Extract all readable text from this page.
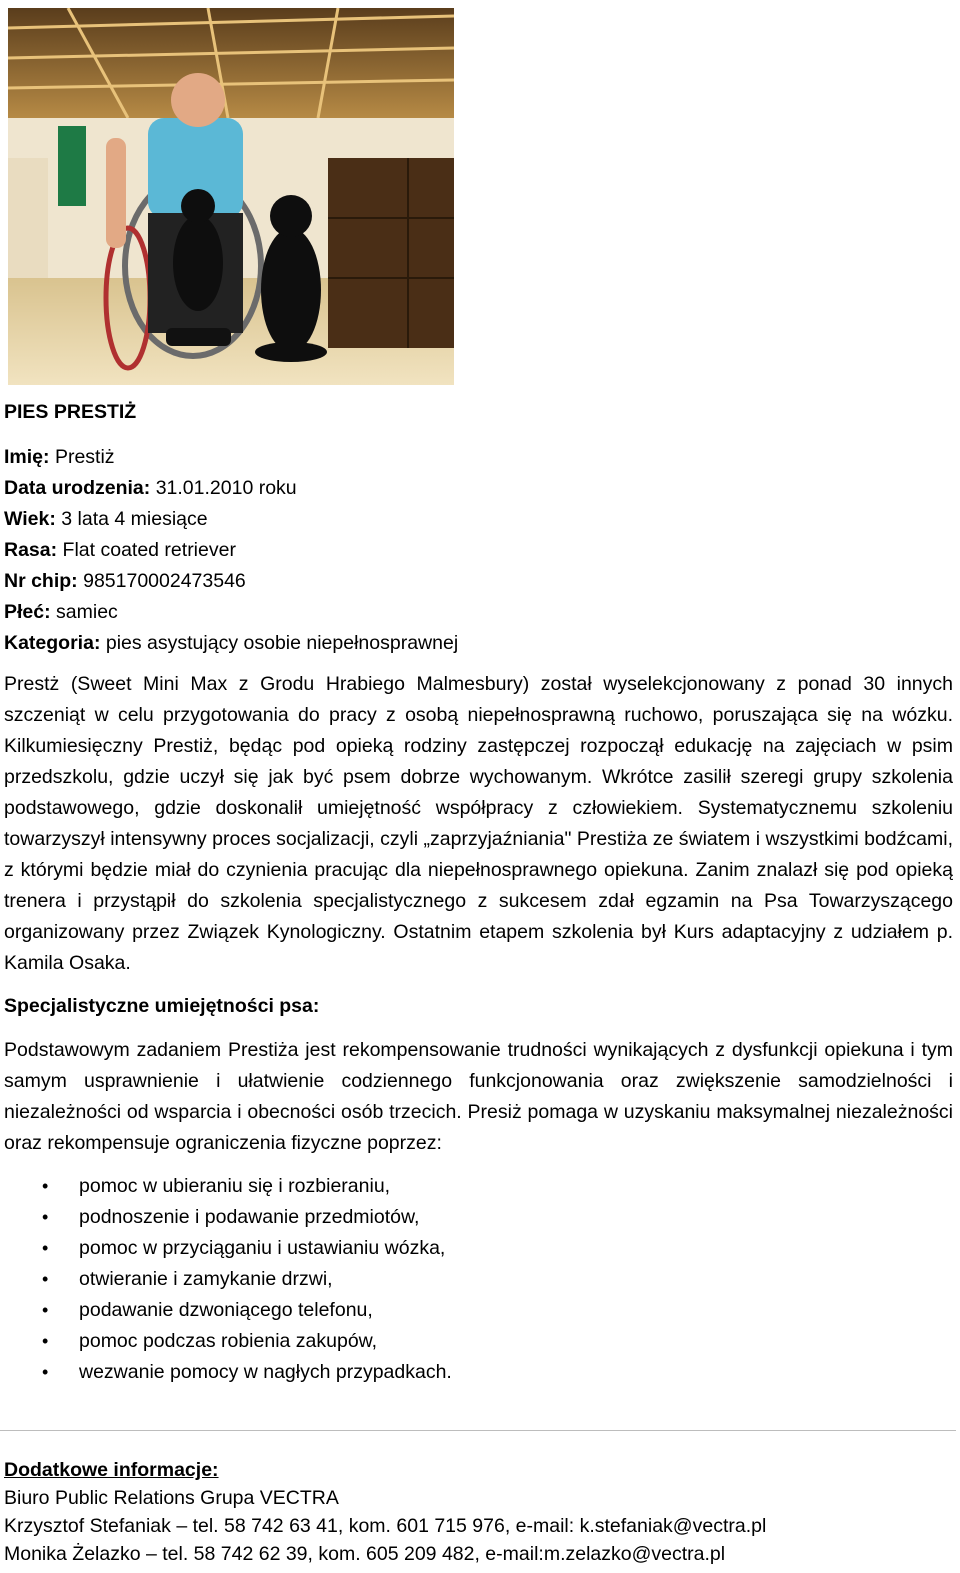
PIES PRESTIŻ
Imię: Prestiż
Data urodzenia: 31.01.2010 roku
Wiek: 3 lata 4 miesiące
Rasa: Flat coated retriever
Nr chip: 985170002473546
Płeć: samiec
Kategoria: pies asystujący osobie niepełnosprawnej

Prestż (Sweet Mini Max z Grodu Hrabiego Malmesbury) został wyselekcjonowany z ponad 30 innych szczeniąt w celu przygotowania do pracy z osobą niepełnosprawną ruchowo, poruszająca się na wózku. Kilkumiesięczny Prestiż, będąc pod opieką rodziny zastępczej rozpoczął edukację na zajęciach w psim przedszkolu, gdzie uczył się jak być psem dobrze wychowanym. Wkrótce zasilił szeregi grupy szkolenia podstawowego, gdzie doskonalił umiejętność współpracy z człowiekiem. Systematycznemu szkoleniu towarzyszył intensywny proces socjalizacji, czyli „zaprzyjaźniania" Prestiża ze światem i wszystkimi bodźcami, z którymi będzie miał do czynienia pracując dla niepełnosprawnego opiekuna. Zanim znalazł się pod opieką trenera i przystąpił do szkolenia specjalistycznego z sukcesem zdał egzamin na Psa Towarzyszącego organizowany przez Związek Kynologiczny. Ostatnim etapem szkolenia był Kurs adaptacyjny z udziałem p. Kamila Osaka.

Specjalistyczne umiejętności psa:

Podstawowym zadaniem Prestiża jest rekompensowanie trudności wynikających z dysfunkcji opiekuna i tym samym usprawnienie i ułatwienie codziennego funkcjonowania oraz zwiększenie samodzielności i niezależności od wsparcia i obecności osób trzecich. Presiż pomaga w uzyskaniu maksymalnej niezależności oraz rekompensuje ograniczenia fizyczne poprzez:

• pomoc w ubieraniu się i rozbieraniu,
• podnoszenie i podawanie przedmiotów,
• pomoc w przyciąganiu i ustawianiu wózka,
• otwieranie i zamykanie drzwi,
• podawanie dzwoniącego telefonu,
• pomoc podczas robienia zakupów,
• wezwanie pomocy w nagłych przypadkach.
Dodatkowe informacje:
Biuro Public Relations Grupa VECTRA
Krzysztof Stefaniak – tel. 58 742 63 41, kom. 601 715 976, e-mail: k.stefaniak@vectra.pl
Monika Żelazko – tel. 58 742 62 39, kom. 605 209 482, e-mail:m.zelazko@vectra.pl
